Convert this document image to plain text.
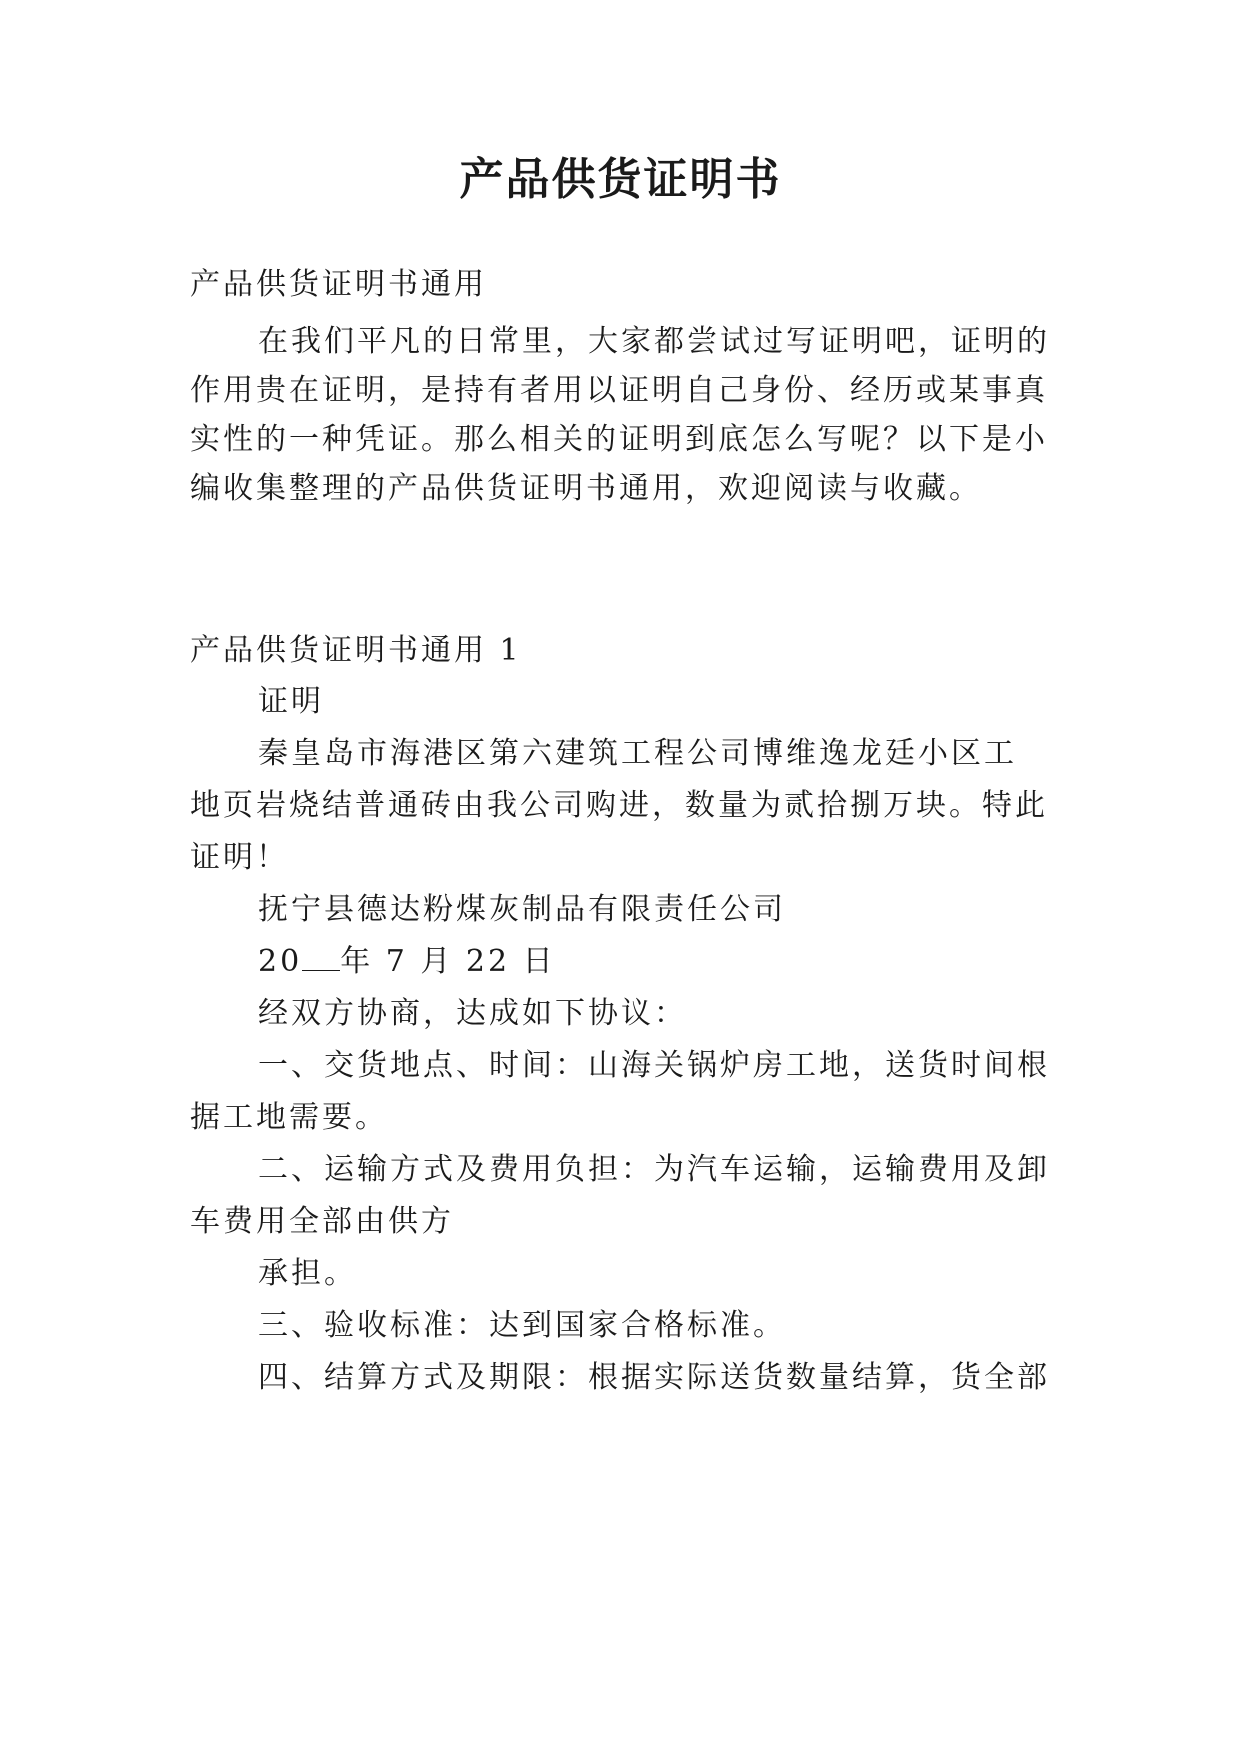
产品供货证明书

产品供货证明书通用

在我们平凡的日常里，大家都尝试过写证明吧，证明的

作用贵在证明，是持有者用以证明自己身份、经历或某事真

实性的一种凭证。那么相关的证明到底怎么写呢？以下是小

编收集整理的产品供货证明书通用，欢迎阅读与收藏。

产品供货证明书通用 1

证明

秦皇岛市海港区第六建筑工程公司博维逸龙廷小区工

地页岩烧结普通砖由我公司购进，数量为贰拾捌万块。特此

证明！

抚宁县德达粉煤灰制品有限责任公司

20 年 7 月 22 日

经双方协商，达成如下协议：

一、交货地点、时间：山海关锅炉房工地，送货时间根

据工地需要。

二、运输方式及费用负担：为汽车运输，运输费用及卸

车费用全部由供方

承担。

三、验收标准：达到国家合格标准。

四、结算方式及期限：根据实际送货数量结算，货全部
